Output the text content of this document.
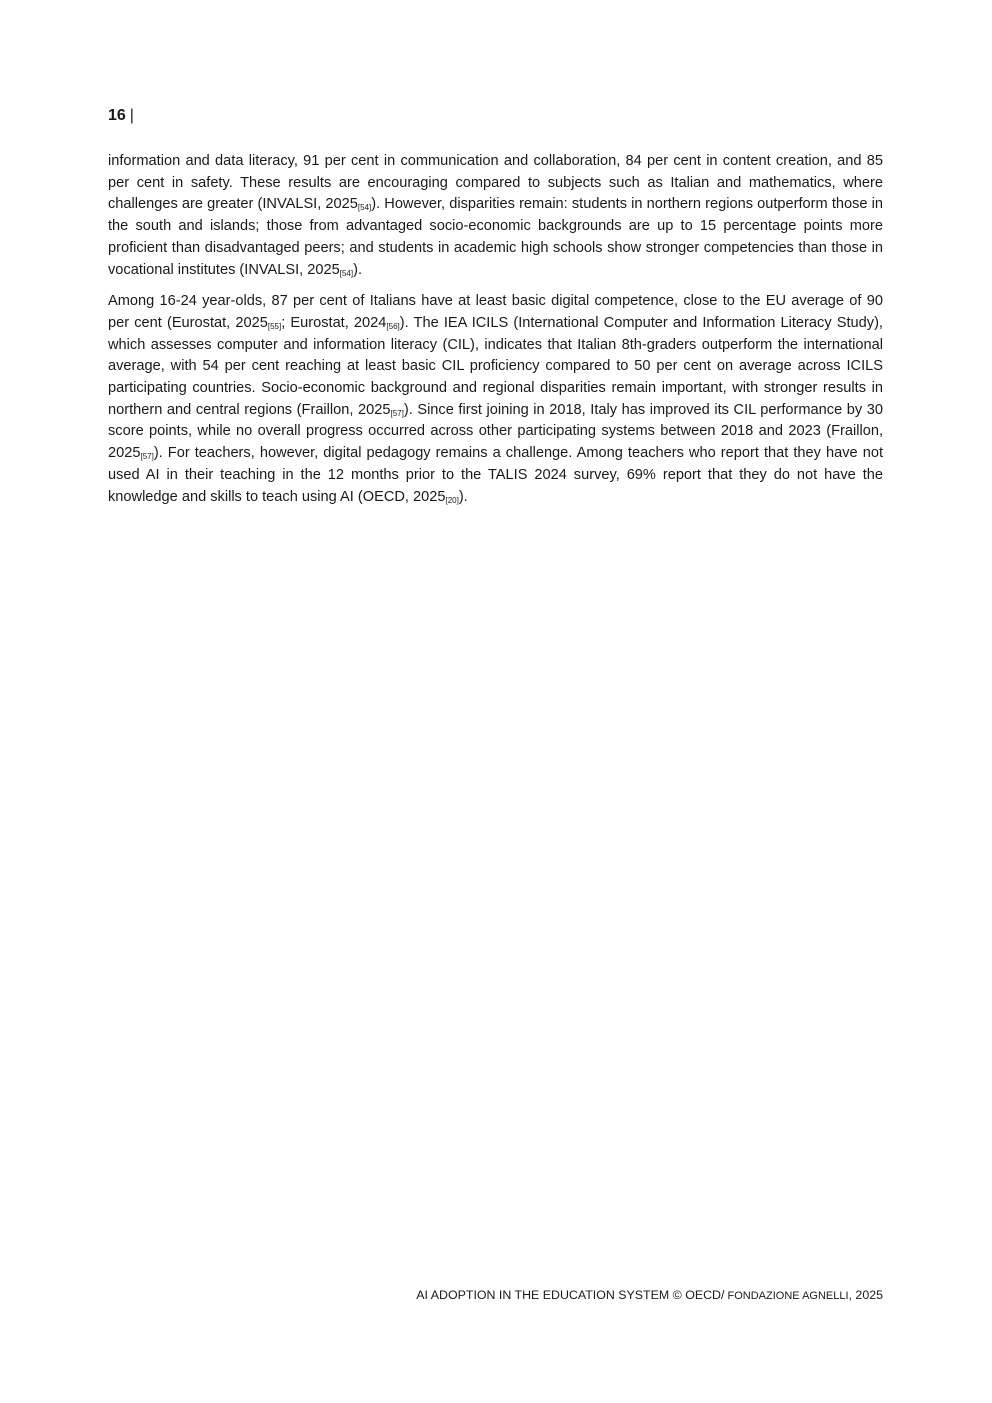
16 |

information and data literacy, 91 per cent in communication and collaboration, 84 per cent in content creation, and 85 per cent in safety. These results are encouraging compared to subjects such as Italian and mathematics, where challenges are greater (INVALSI, $2025_{[54]}$). However, disparities remain: students in northern regions outperform those in the south and islands; those from advantaged socio-economic backgrounds are up to 15 percentage points more proficient than disadvantaged peers; and students in academic high schools show stronger competencies than those in vocational institutes (INVALSI, $2025_{[54]}$).

Among 16-24 year-olds, 87 per cent of Italians have at least basic digital competence, close to the EU average of 90 per cent (Eurostat, $2025_{[55]}$; Eurostat, $2024_{[56]}$). The IEA ICILS (International Computer and Information Literacy Study), which assesses computer and information literacy (CIL), indicates that Italian 8th-graders outperform the international average, with 54 per cent reaching at least basic CIL proficiency compared to 50 per cent on average across ICILS participating countries. Socio-economic background and regional disparities remain important, with stronger results in northern and central regions (Fraillon, $2025_{[57]}$). Since first joining in 2018, Italy has improved its CIL performance by 30 score points, while no overall progress occurred across other participating systems between 2018 and 2023 (Fraillon, $2025_{[57]}$). For teachers, however, digital pedagogy remains a challenge. Among teachers who report that they have not used AI in their teaching in the 12 months prior to the TALIS 2024 survey, 69% report that they do not have the knowledge and skills to teach using AI (OECD, $2025_{[20]}$).

AI ADOPTION IN THE EDUCATION SYSTEM © OECD/ FONDAZIONE AGNELLI, 2025
